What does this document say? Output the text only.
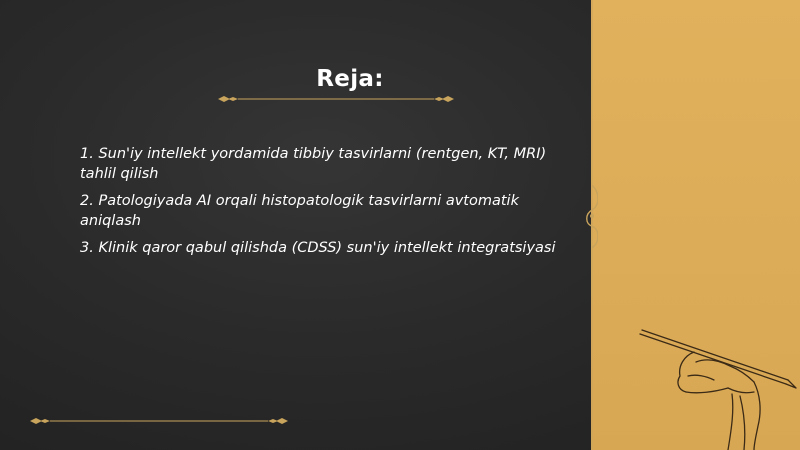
Reja:
1. Sun'iy intellekt yordamida tibbiy tasvirlarni (rentgen, KT, MRI)
tahlil qilish
2. Patologiyada AI orqali histopatologik tasvirlarni avtomatik
aniqlash
3. Klinik qaror qabul qilishda (CDSS) sun'iy intellekt integratsiyasi
